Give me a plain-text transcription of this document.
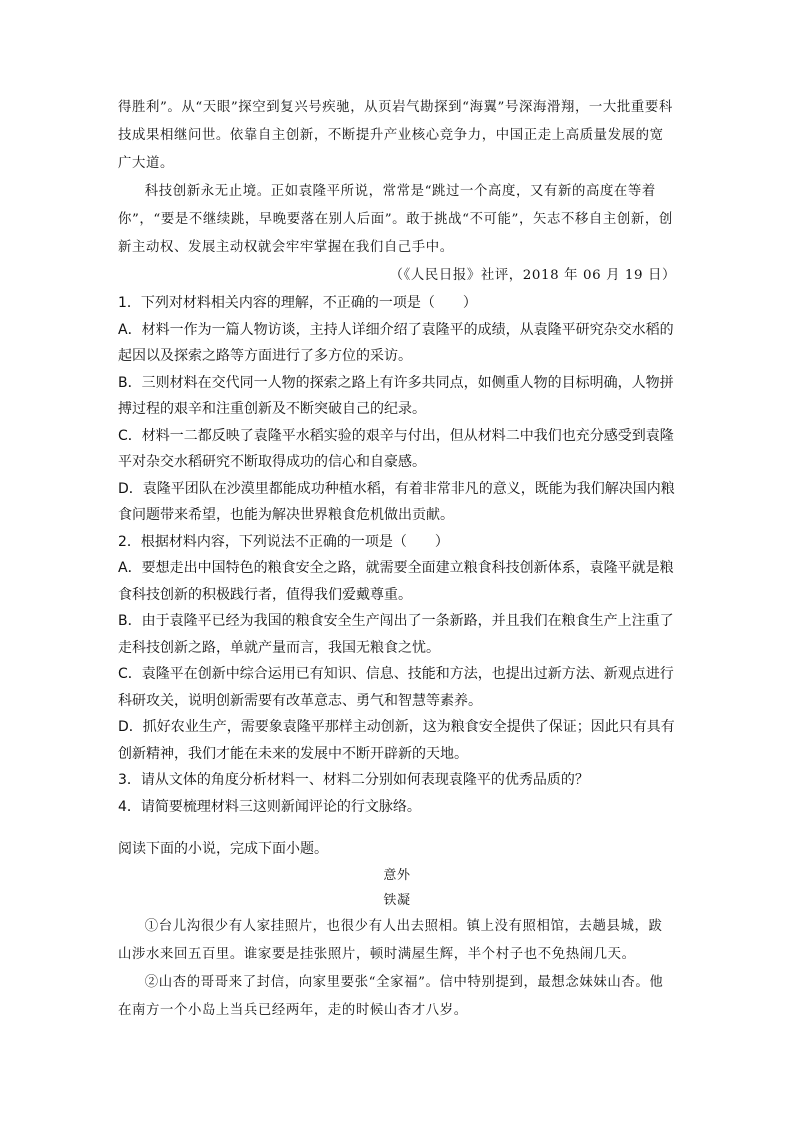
得胜利”。从“天眼”探空到复兴号疾驰，从页岩气勘探到“海翼”号深海滑翔，一大批重要科技成果相继问世。依靠自主创新，不断提升产业核心竞争力，中国正走上高质量发展的宽广大道。

科技创新永无止境。正如袁隆平所说，常常是“跳过一个高度，又有新的高度在等着你”，“要是不继续跳，早晚要落在别人后面”。敢于挑战“不可能”，矢志不移自主创新，创新主动权、发展主动权就会牢牢掌握在我们自己手中。

（《人民日报》社评，2018 年 06 月 19 日）

1．下列对材料相关内容的理解，不正确的一项是（　　）

A．材料一作为一篇人物访谈，主持人详细介绍了袁隆平的成绩，从袁隆平研究杂交水稻的起因以及探索之路等方面进行了多方位的采访。

B．三则材料在交代同一人物的探索之路上有许多共同点，如侧重人物的目标明确，人物拼搏过程的艰辛和注重创新及不断突破自己的纪录。

C．材料一二都反映了袁隆平水稻实验的艰辛与付出，但从材料二中我们也充分感受到袁隆平对杂交水稻研究不断取得成功的信心和自豪感。

D．袁隆平团队在沙漠里都能成功种植水稻，有着非常非凡的意义，既能为我们解决国内粮食问题带来希望，也能为解决世界粮食危机做出贡献。

2．根据材料内容，下列说法不正确的一项是（　　）

A．要想走出中国特色的粮食安全之路，就需要全面建立粮食科技创新体系，袁隆平就是粮食科技创新的积极践行者，值得我们爱戴尊重。

B．由于袁隆平已经为我国的粮食安全生产闯出了一条新路，并且我们在粮食生产上注重了走科技创新之路，单就产量而言，我国无粮食之忧。

C．袁隆平在创新中综合运用已有知识、信息、技能和方法，也提出过新方法、新观点进行科研攻关，说明创新需要有改革意志、勇气和智慧等素养。

D．抓好农业生产，需要象袁隆平那样主动创新，这为粮食安全提供了保证；因此只有具有创新精神，我们才能在未来的发展中不断开辟新的天地。

3．请从文体的角度分析材料一、材料二分别如何表现袁隆平的优秀品质的？

4．请简要梳理材料三这则新闻评论的行文脉络。

阅读下面的小说，完成下面小题。

意外

铁凝

①台儿沟很少有人家挂照片，也很少有人出去照相。镇上没有照相馆，去趟县城，跋山涉水来回五百里。谁家要是挂张照片，顿时满屋生辉，半个村子也不免热闹几天。

②山杏的哥哥来了封信，向家里要张“全家福”。信中特别提到，最想念妹妹山杏。他在南方一个小岛上当兵已经两年，走的时候山杏才八岁。
